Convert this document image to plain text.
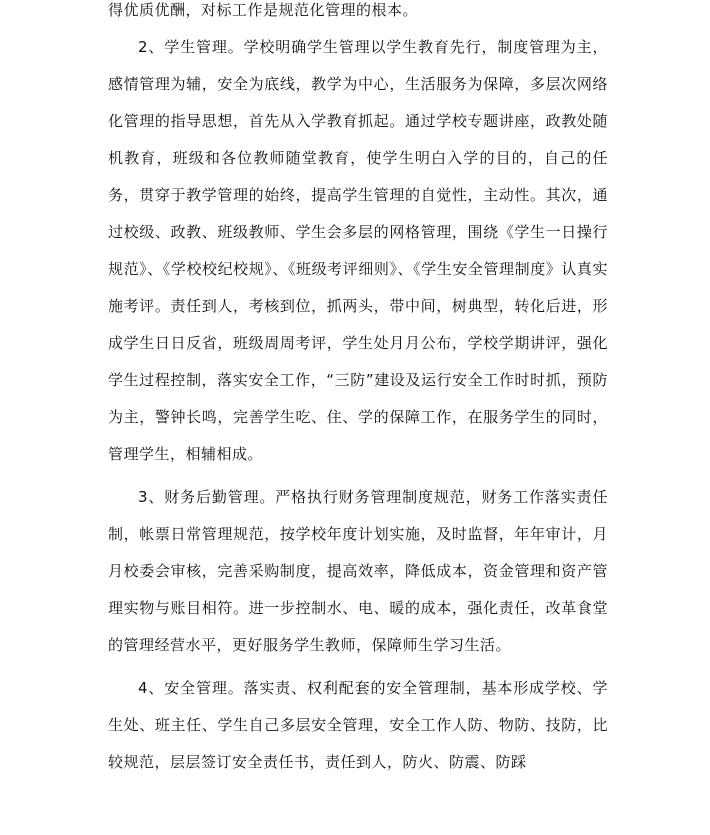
得优质优酬，对标工作是规范化管理的根本。

2、学生管理。学校明确学生管理以学生教育先行，制度管理为主，感情管理为辅，安全为底线，教学为中心，生活服务为保障，多层次网络化管理的指导思想，首先从入学教育抓起。通过学校专题讲座，政教处随机教育，班级和各位教师随堂教育，使学生明白入学的目的，自己的任务，贯穿于教学管理的始终，提高学生管理的自觉性，主动性。其次，通过校级、政教、班级教师、学生会多层的网格管理，围绕《学生一日操行规范》、《学校校纪校规》、《班级考评细则》、《学生安全管理制度》认真实施考评。责任到人，考核到位，抓两头，带中间，树典型，转化后进，形成学生日日反省，班级周周考评，学生处月月公布，学校学期讲评，强化学生过程控制，落实安全工作，“三防”建设及运行安全工作时时抓，预防为主，警钟长鸣，完善学生吃、住、学的保障工作，在服务学生的同时，管理学生，相辅相成。

3、财务后勤管理。严格执行财务管理制度规范，财务工作落实责任制，帐票日常管理规范，按学校年度计划实施，及时监督，年年审计，月月校委会审核，完善采购制度，提高效率，降低成本，资金管理和资产管理实物与账目相符。进一步控制水、电、暖的成本，强化责任，改革食堂的管理经营水平，更好服务学生教师，保障师生学习生活。

4、安全管理。落实责、权利配套的安全管理制，基本形成学校、学生处、班主任、学生自己多层安全管理，安全工作人防、物防、技防，比较规范，层层签订安全责任书，责任到人，防火、防震、防踩
